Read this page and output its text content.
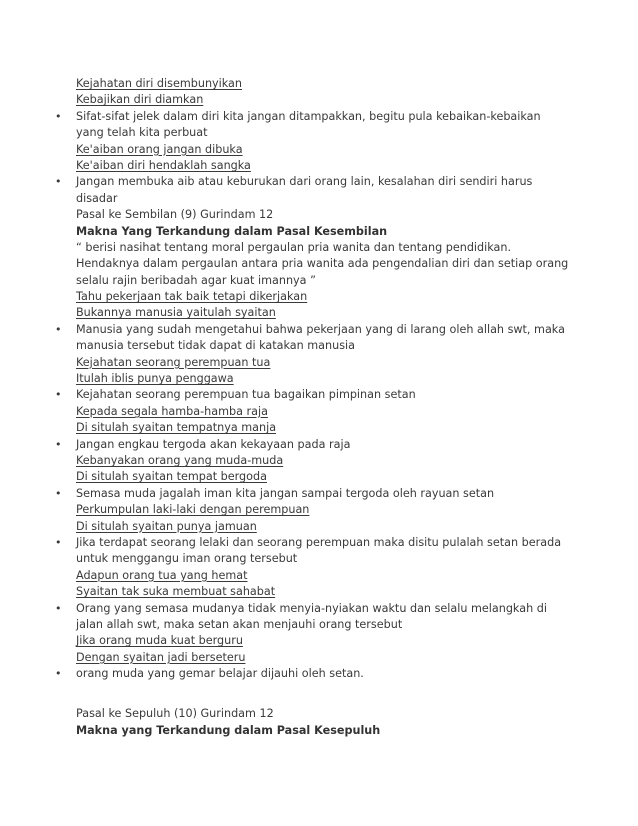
Kejahatan diri disembunyikan
Kebajikan diri diamkan
• Sifat-sifat jelek dalam diri kita jangan ditampakkan, begitu pula kebaikan-kebaikan
yang telah kita perbuat
Ke'aiban orang jangan dibuka
Ke'aiban diri hendaklah sangka
• Jangan membuka aib atau keburukan dari orang lain, kesalahan diri sendiri harus
disadar
Pasal ke Sembilan (9) Gurindam 12
Makna Yang Terkandung dalam Pasal Kesembilan
“ berisi nasihat tentang moral pergaulan pria wanita dan tentang pendidikan.
Hendaknya dalam pergaulan antara pria wanita ada pengendalian diri dan setiap orang
selalu rajin beribadah agar kuat imannya ”
Tahu pekerjaan tak baik tetapi dikerjakan
Bukannya manusia yaitulah syaitan
• Manusia yang sudah mengetahui bahwa pekerjaan yang di larang oleh allah swt, maka
manusia tersebut tidak dapat di katakan manusia
Kejahatan seorang perempuan tua
Itulah iblis punya penggawa
• Kejahatan seorang perempuan tua bagaikan pimpinan setan
Kepada segala hamba-hamba raja
Di situlah syaitan tempatnya manja
• Jangan engkau tergoda akan kekayaan pada raja
Kebanyakan orang yang muda-muda
Di situlah syaitan tempat bergoda
• Semasa muda jagalah iman kita jangan sampai tergoda oleh rayuan setan
Perkumpulan laki-laki dengan perempuan
Di situlah syaitan punya jamuan
• Jika terdapat seorang lelaki dan seorang perempuan maka disitu pulalah setan berada
untuk menggangu iman orang tersebut
Adapun orang tua yang hemat
Syaitan tak suka membuat sahabat
• Orang yang semasa mudanya tidak menyia-nyiakan waktu dan selalu melangkah di
jalan allah swt, maka setan akan menjauhi orang tersebut
Jika orang muda kuat berguru
Dengan syaitan jadi berseteru
• orang muda yang gemar belajar dijauhi oleh setan.
Pasal ke Sepuluh (10) Gurindam 12
Makna yang Terkandung dalam Pasal Kesepuluh
